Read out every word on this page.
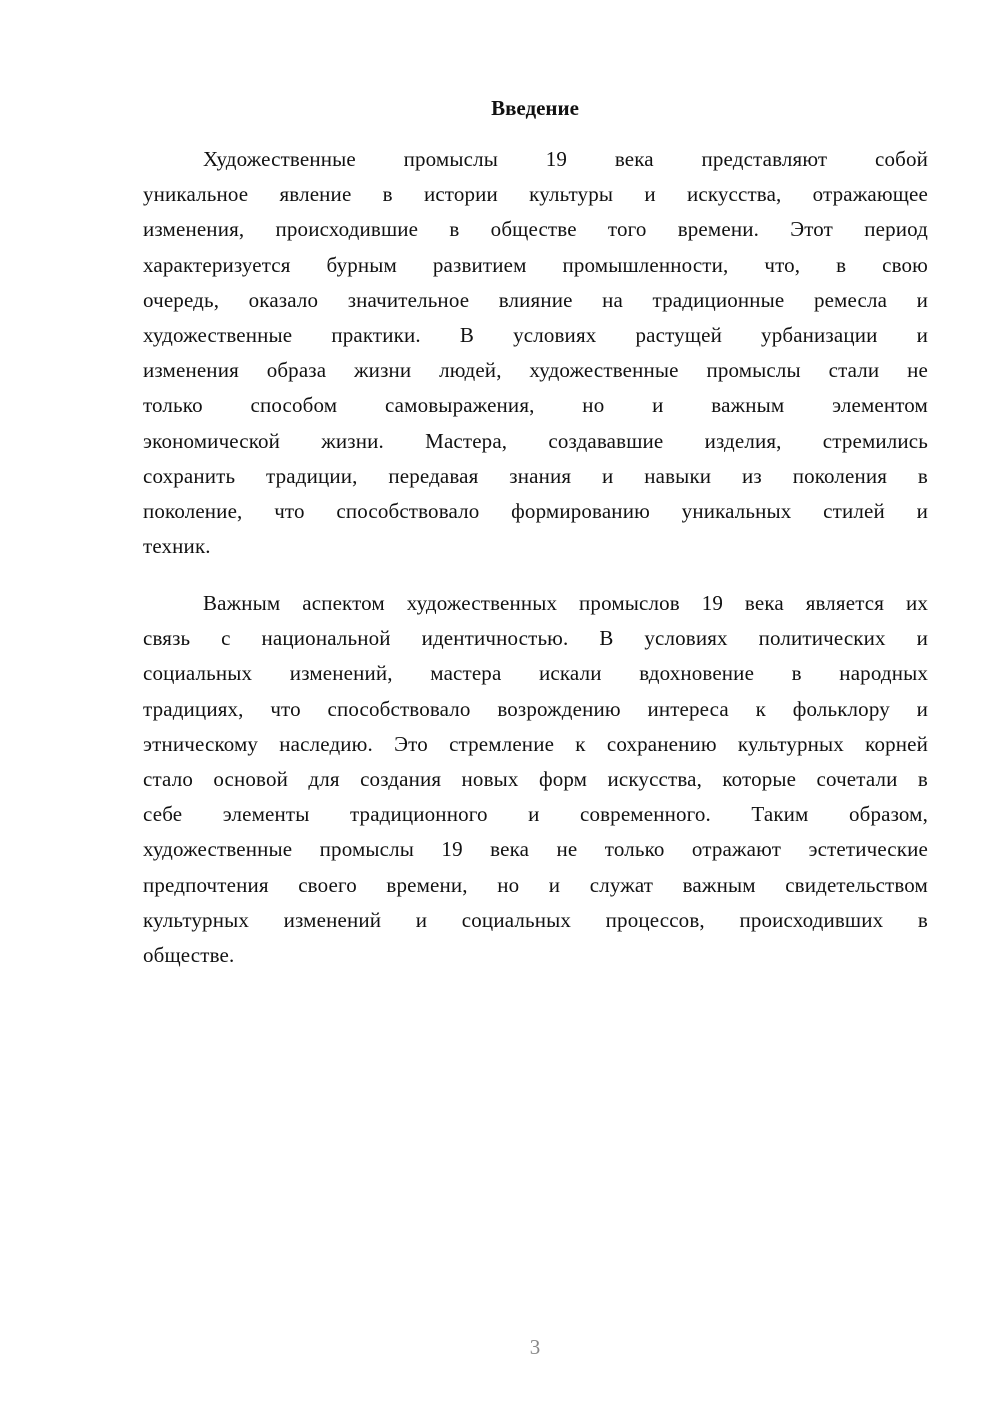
Введение
Художественные промыслы 19 века представляют собой
уникальное явление в истории культуры и искусства, отражающее
изменения, происходившие в обществе того времени. Этот период
характеризуется бурным развитием промышленности, что, в свою
очередь, оказало значительное влияние на традиционные ремесла и
художественные практики. В условиях растущей урбанизации и
изменения образа жизни людей, художественные промыслы стали не
только способом самовыражения, но и важным элементом
экономической жизни. Мастера, создававшие изделия, стремились
сохранить традиции, передавая знания и навыки из поколения в
поколение, что способствовало формированию уникальных стилей и
техник.
Важным аспектом художественных промыслов 19 века является их
связь с национальной идентичностью. В условиях политических и
социальных изменений, мастера искали вдохновение в народных
традициях, что способствовало возрождению интереса к фольклору и
этническому наследию. Это стремление к сохранению культурных корней
стало основой для создания новых форм искусства, которые сочетали в
себе элементы традиционного и современного. Таким образом,
художественные промыслы 19 века не только отражают эстетические
предпочтения своего времени, но и служат важным свидетельством
культурных изменений и социальных процессов, происходивших в
обществе.
3
